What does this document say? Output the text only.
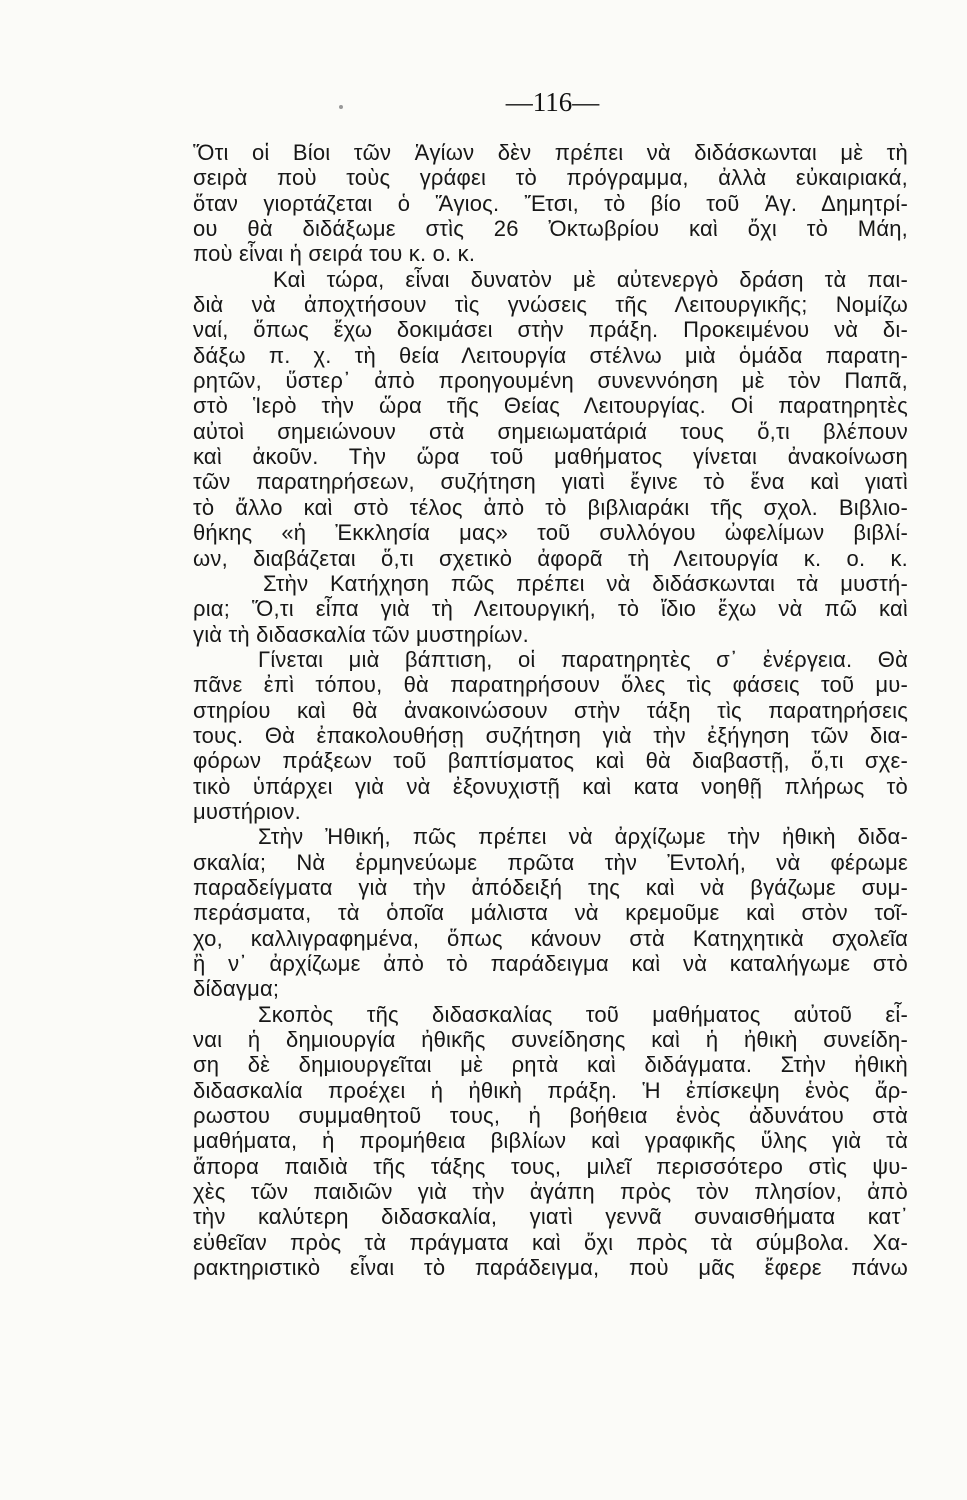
—116—
Ὅτι οἱ Βίοι τῶν Ἁγίων δὲν πρέπει νὰ διδάσκωνται μὲ τὴ
σειρὰ ποὺ τοὺς γράφει τὸ πρόγραμμα, ἀλλὰ εὐκαιριακά,
ὅταν γιορτάζεται ὁ Ἅγιος. Ἔτσι, τὸ βίο τοῦ Ἁγ. Δημητρί-
ου θὰ διδάξωμε στὶς 26 Ὀκτωβρίου καὶ ὄχι τὸ Μάη,
ποὺ εἶναι ἡ σειρά του κ. ο. κ.
Καὶ τώρα, εἶναι δυνατὸν μὲ αὐτενεργὸ δράση τὰ παι-
διὰ νὰ ἀποχτήσουν τὶς γνώσεις τῆς Λειτουργικῆς; Νομίζω
ναί, ὅπως ἔχω δοκιμάσει στὴν πράξη. Προκειμένου νὰ δι-
δάξω π. χ. τὴ θεία Λειτουργία στέλνω μιὰ ὁμάδα παρατη-
ρητῶν, ὕστερ᾽ ἀπὸ προηγουμένη συνεννόηση μὲ τὸν Παπᾶ,
στὸ Ἱερὸ τὴν ὥρα τῆς Θείας Λειτουργίας. Οἱ παρατηρητὲς
αὐτοὶ σημειώνουν στὰ σημειωματάριά τους ὅ,τι βλέπουν
καὶ ἀκοῦν. Τὴν ὥρα τοῦ μαθήματος γίνεται ἀνακοίνωση
τῶν παρατηρήσεων, συζήτηση γιατὶ ἔγινε τὸ ἕνα καὶ γιατὶ
τὸ ἄλλο καὶ στὸ τέλος ἀπὸ τὸ βιβλιαράκι τῆς σχολ. Βιβλιο-
θήκης «ἡ Ἐκκλησία μας» τοῦ συλλόγου ὠφελίμων βιβλί-
ων, διαβάζεται ὅ,τι σχετικὸ ἀφορᾶ τὴ Λειτουργία κ. ο. κ.
Στὴν Κατήχηση πῶς πρέπει νὰ διδάσκωνται τὰ μυστή-
ρια; Ὅ,τι εἶπα γιὰ τὴ Λειτουργική, τὸ ἴδιο ἔχω νὰ πῶ καὶ
γιὰ τὴ διδασκαλία τῶν μυστηρίων.
Γίνεται μιὰ βάπτιση, οἱ παρατηρητὲς σ᾽ ἐνέργεια. Θὰ
πᾶνε ἐπὶ τόπου, θὰ παρατηρήσουν ὅλες τὶς φάσεις τοῦ μυ-
στηρίου καὶ θὰ ἀνακοινώσουν στὴν τάξη τὶς παρατηρήσεις
τους. Θὰ ἐπακολουθήσῃ συζήτηση γιὰ τὴν ἐξήγηση τῶν δια-
φόρων πράξεων τοῦ βαπτίσματος καὶ θὰ διαβαστῇ, ὅ,τι σχε-
τικὸ ὑπάρχει γιὰ νὰ ἐξονυχιστῇ καὶ κατα νοηθῇ πλήρως τὸ
μυστήριον.
Στὴν Ἠθική, πῶς πρέπει νὰ ἀρχίζωμε τὴν ἠθικὴ διδα-
σκαλία; Νὰ ἑρμηνεύωμε πρῶτα τὴν Ἐντολή, νὰ φέρωμε
παραδείγματα γιὰ τὴν ἀπόδειξή της καὶ νὰ βγάζωμε συμ-
περάσματα, τὰ ὁποῖα μάλιστα νὰ κρεμοῦμε καὶ στὸν τοῖ-
χο, καλλιγραφημένα, ὅπως κάνουν στὰ Κατηχητικὰ σχολεῖα
ἢ ν᾽ ἀρχίζωμε ἀπὸ τὸ παράδειγμα καὶ νὰ καταλήγωμε στὸ
δίδαγμα;
Σκοπὸς τῆς διδασκαλίας τοῦ μαθήματος αὐτοῦ εἶ-
ναι ἡ δημιουργία ἠθικῆς συνείδησης καὶ ἡ ἠθικὴ συνείδη-
ση δὲ δημιουργεῖται μὲ ρητὰ καὶ διδάγματα. Στὴν ἠθικὴ
διδασκαλία προέχει ἡ ἠθικὴ πράξη. Ἡ ἐπίσκεψη ἑνὸς ἄρ-
ρωστου συμμαθητοῦ τους, ἡ βοήθεια ἑνὸς ἀδυνάτου στὰ
μαθήματα, ἡ προμήθεια βιβλίων καὶ γραφικῆς ὕλης γιὰ τὰ
ἄπορα παιδιὰ τῆς τάξης τους, μιλεῖ περισσότερο στὶς ψυ-
χὲς τῶν παιδιῶν γιὰ τὴν ἀγάπη πρὸς τὸν πλησίον, ἀπὸ
τὴν καλύτερη διδασκαλία, γιατὶ γεννᾶ συναισθήματα κατ᾽
εὐθεῖαν πρὸς τὰ πράγματα καὶ ὄχι πρὸς τὰ σύμβολα. Χα-
ρακτηριστικὸ εἶναι τὸ παράδειγμα, ποὺ μᾶς ἔφερε πάνω
